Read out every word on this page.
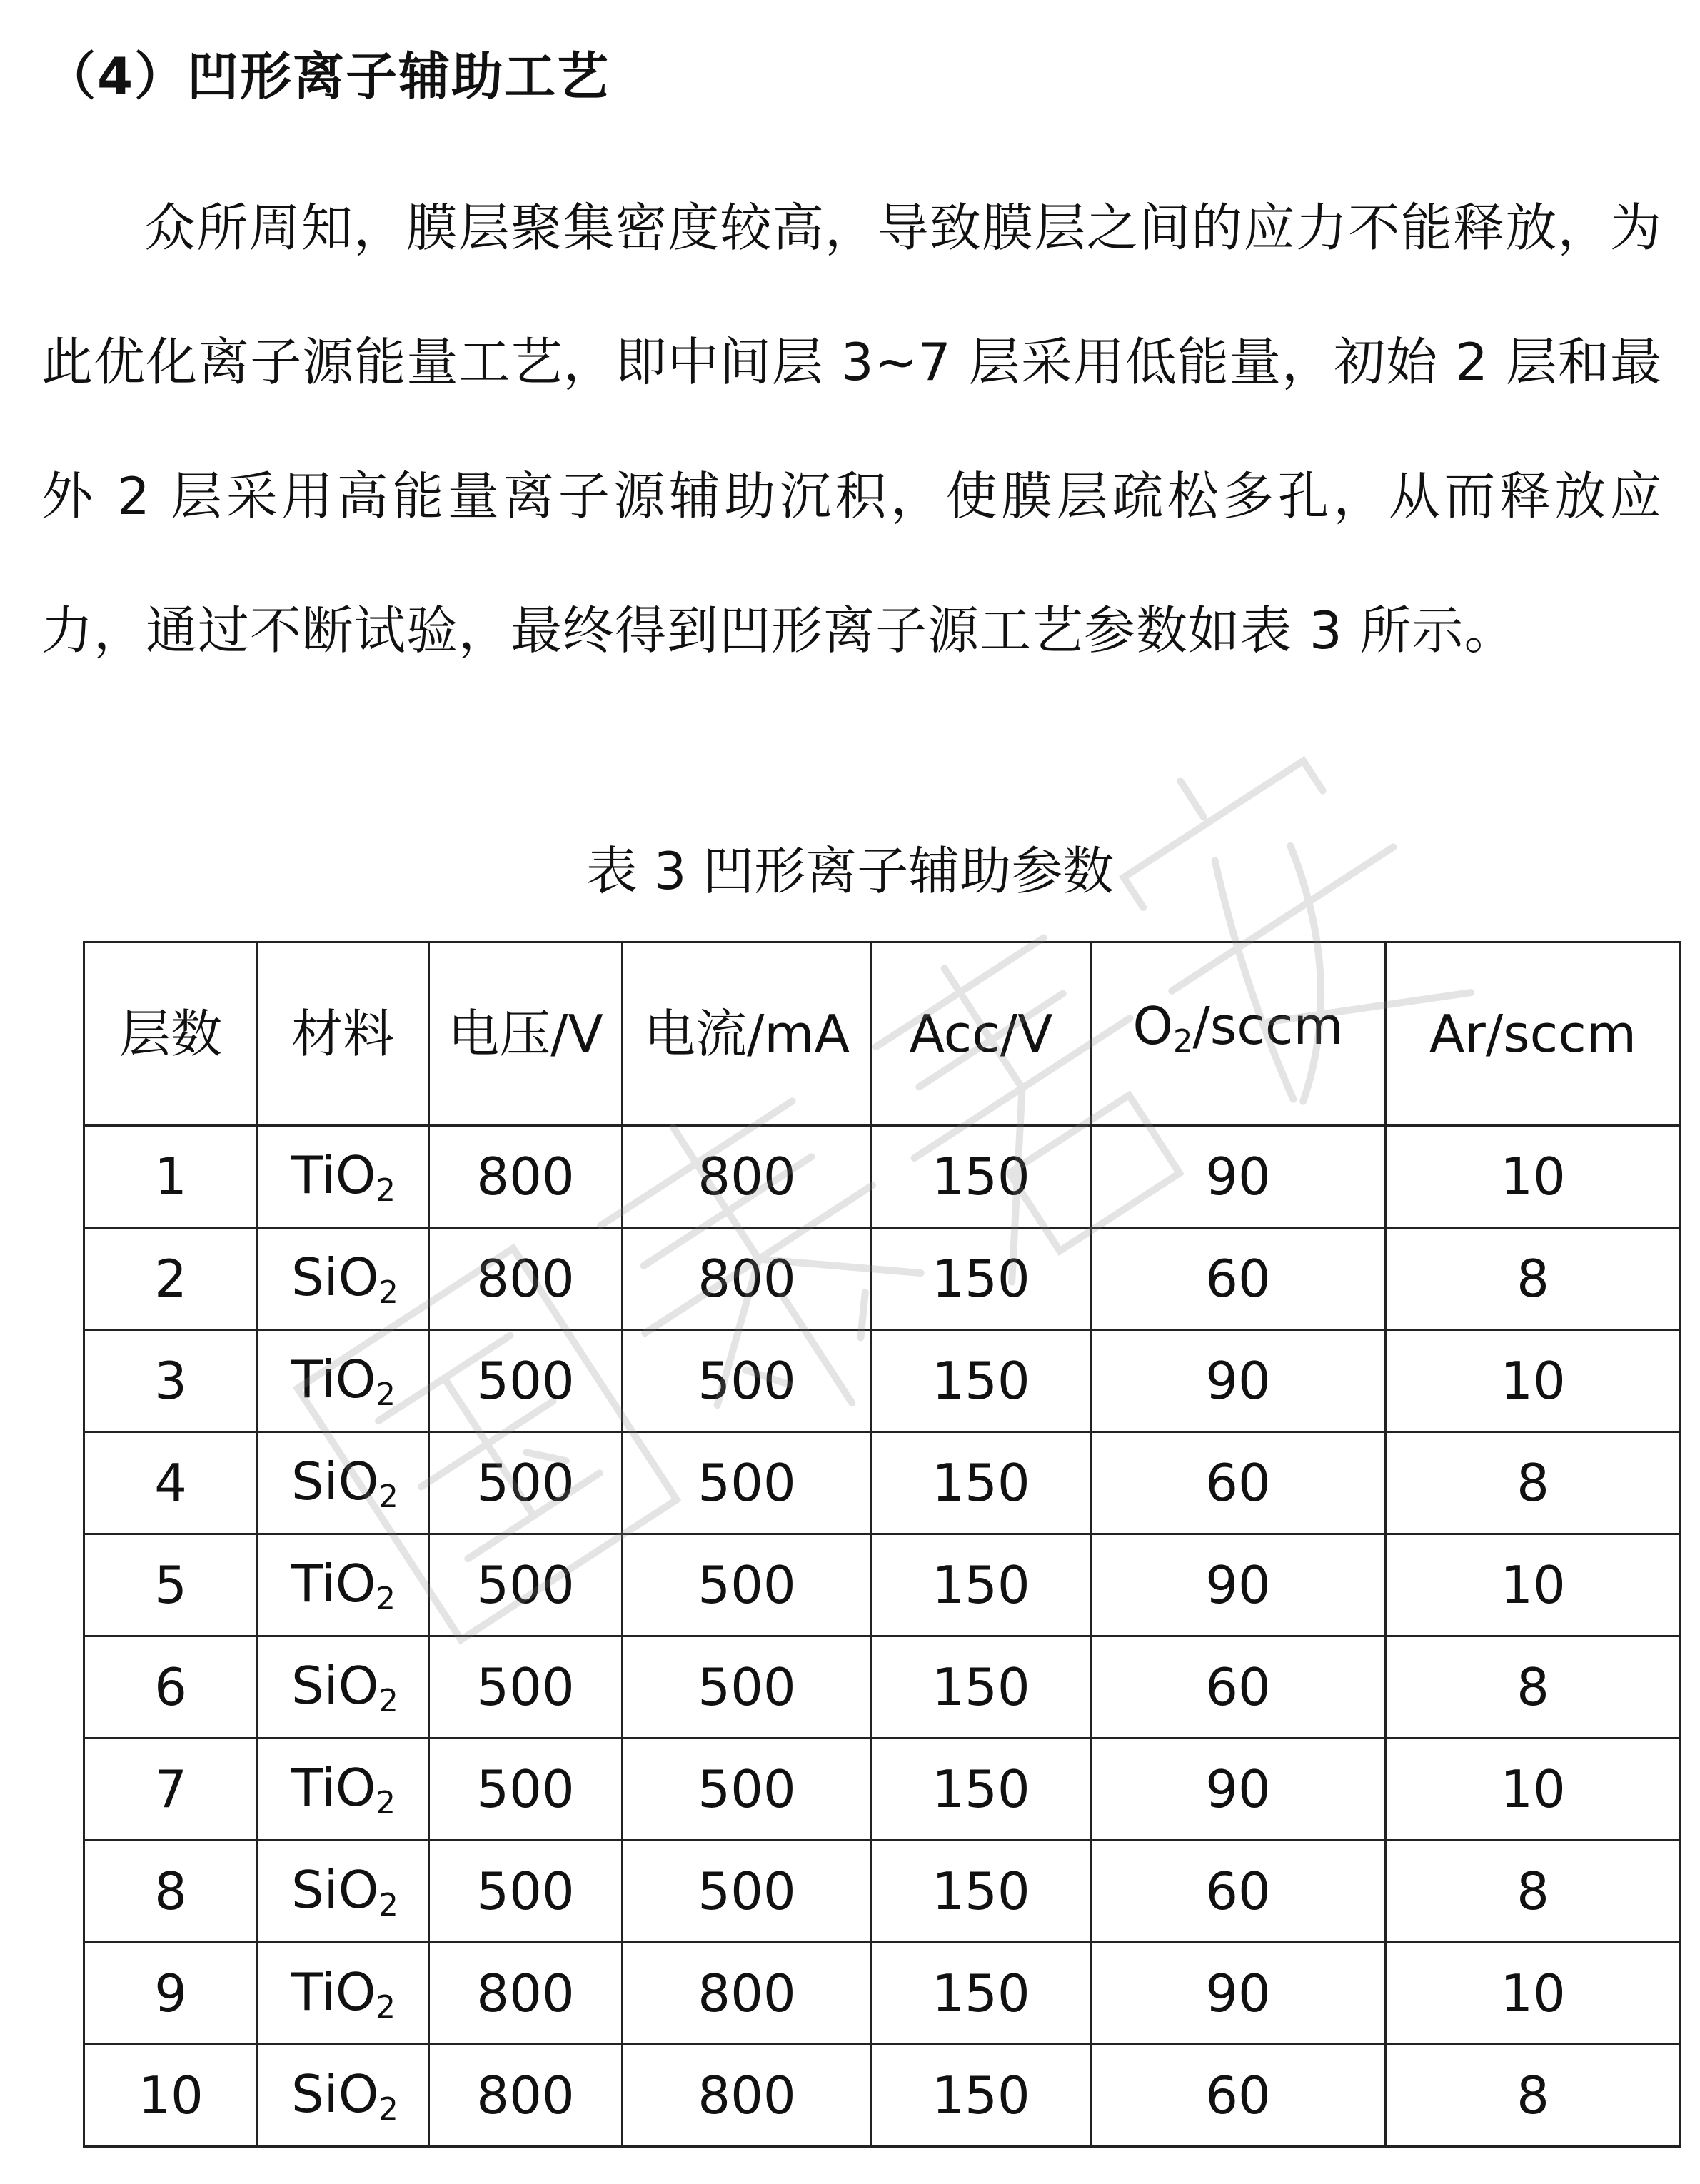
（4）凹形离子辅助工艺

众所周知，膜层聚集密度较高，导致膜层之间的应力不能释放，为此优化离子源能量工艺，即中间层 3~7 层采用低能量，初始 2 层和最外 2 层采用高能量离子源辅助沉积，使膜层疏松多孔，从而释放应力，通过不断试验，最终得到凹形离子源工艺参数如表 3 所示。

表 3 凹形离子辅助参数

层数	材料	电压/V	电流/mA	Acc/V	$O_2$/sccm	Ar/sccm
1	TiO$_2$	800	800	150	90	10
2	SiO$_2$	800	800	150	60	8
3	TiO$_2$	500	500	150	90	10
4	SiO$_2$	500	500	150	60	8
5	TiO$_2$	500	500	150	90	10
6	SiO$_2$	500	500	150	60	8
7	TiO$_2$	500	500	150	90	10
8	SiO$_2$	500	500	150	60	8
9	TiO$_2$	800	800	150	90	10
10	SiO$_2$	800	800	150	60	8
